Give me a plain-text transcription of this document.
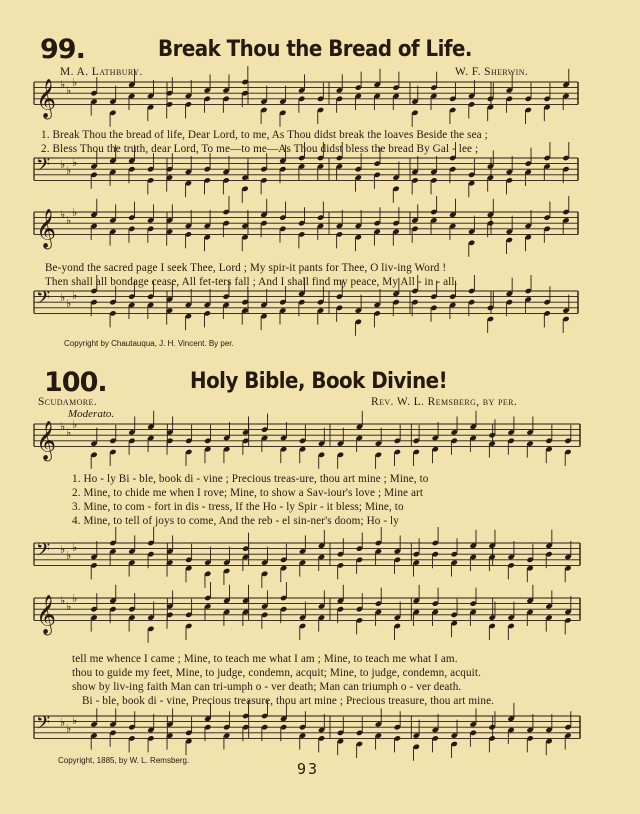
𝄞 ♭ ♭
♭
𝄢 ♭ ♭
♭
𝄞 ♭ ♭
♭
𝄢 ♭ ♭
♭
𝄞 ♭ ♭
♭
𝄢 ♭ ♭
♭
𝄞 ♭ ♭
♭
𝄢 ♭ ♭
♭
99.	Break Thou the Bread of Life.
M. A. Lathbury.	W. F. Sherwin.
1. Break Thou the bread of life, Dear Lord, to me, As Thou didst break the loaves Beside the sea ;
2. Bless Thou the truth, dear Lord, To me—to me—As Thou didst bless the bread By Gal - lee ;
Be-yond the sacred page I seek Thee, Lord ; My spir-it pants for Thee, O liv-ing Word !
Then shall all bondage cease, All fet-ters fall ; And I shall find my peace, My All - in - all.
Copyright by Chautauqua, J. H. Vincent. By per.
100.	Holy Bible, Book Divine!
Scudamore.	Rev. W. L. Remsberg, by per.
Moderato.
1. Ho - ly Bi - ble, book di - vine ; Precious treas-ure, thou art mine ; Mine, to
2. Mine, to chide me when I rove; Mine, to show a Sav-iour's love ; Mine art
3. Mine, to com - fort in dis - tress, If the Ho - ly Spir - it bless; Mine, to
4. Mine, to tell of joys to come, And the reb - el sin-ner's doom; Ho - ly
tell me whence I came ; Mine, to teach me what I am ; Mine, to teach me what I am.
thou to guide my feet, Mine, to judge, condemn, acquit; Mine, to judge, condemn, acquit.
show by liv-ing faith Man can tri-umph o - ver death; Man can triumph o - ver death.
Bi - ble, book di - vine, Precious treasure, thou art mine ; Precious treasure, thou art mine.
Copyright, 1885, by W. L. Remsberg.	93
